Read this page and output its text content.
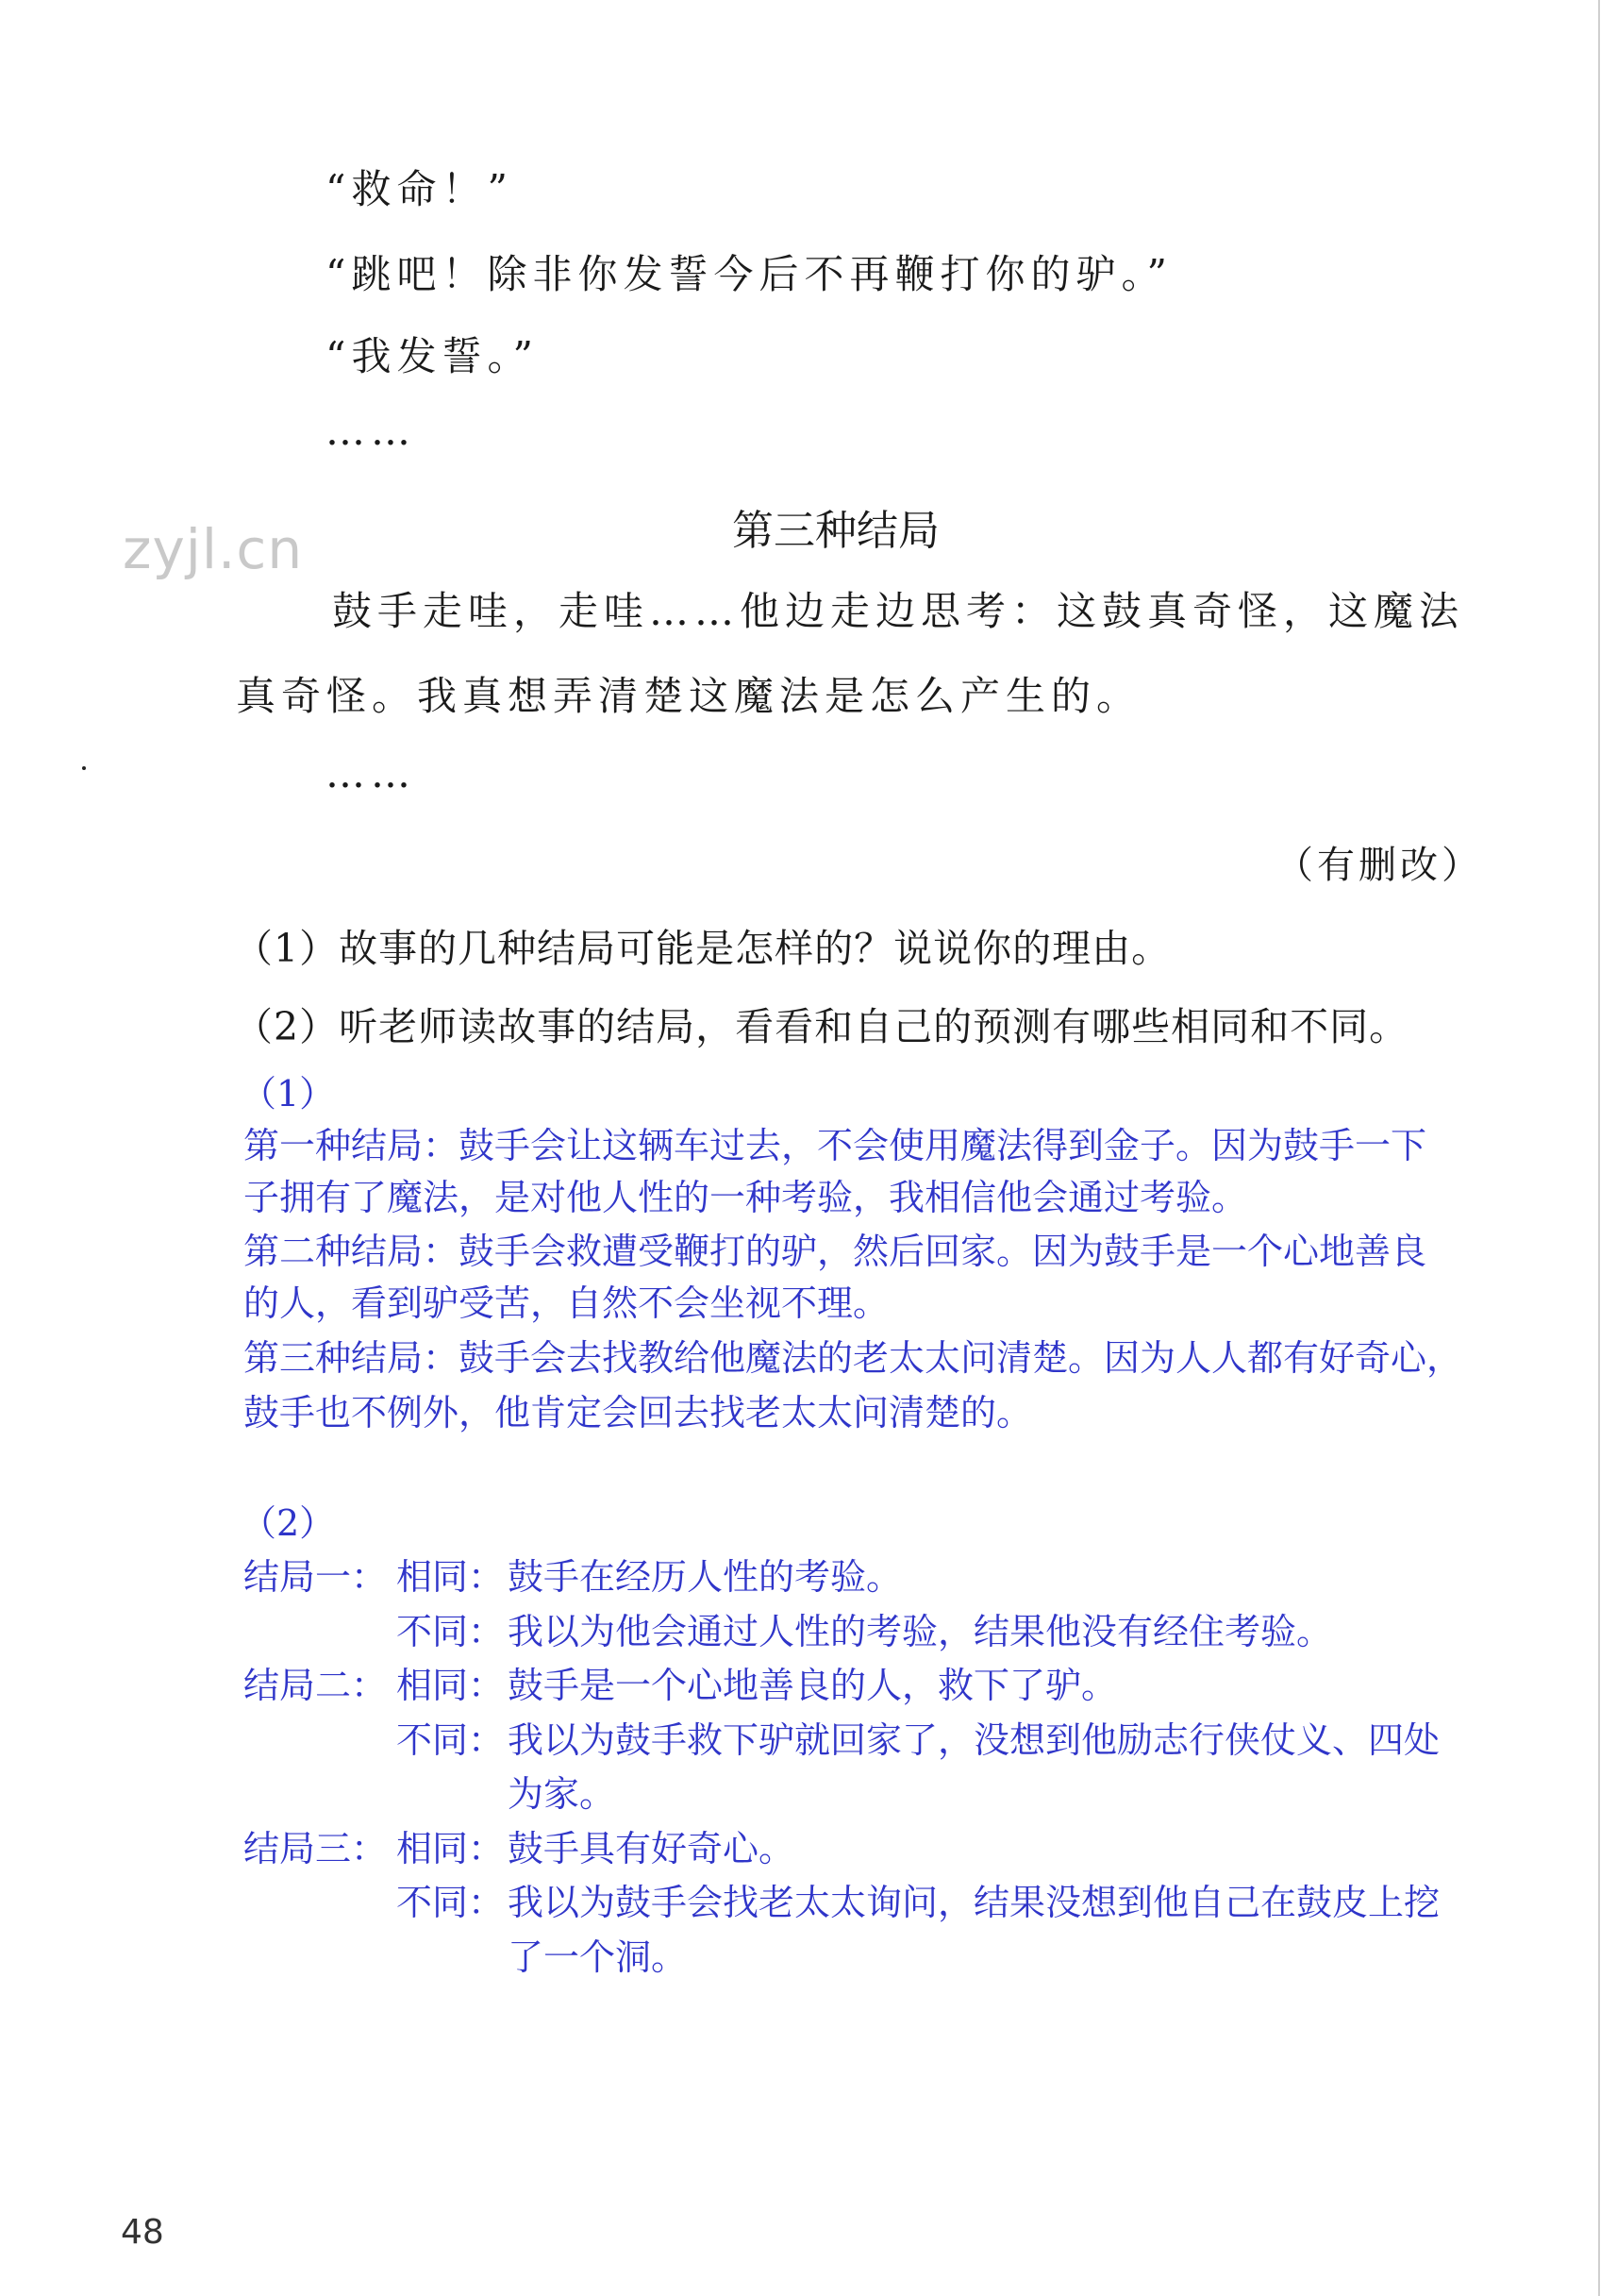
zyjl.cn
“救命！”
“跳吧！除非你发誓今后不再鞭打你的驴。”
“我发誓。”
……
第三种结局
鼓手走哇，走哇……他边走边思考：这鼓真奇怪，这魔法
真奇怪。我真想弄清楚这魔法是怎么产生的。
……
（有删改）
（1）故事的几种结局可能是怎样的？说说你的理由。
（2）听老师读故事的结局，看看和自己的预测有哪些相同和不同。
（1）
第一种结局：鼓手会让这辆车过去，不会使用魔法得到金子。因为鼓手一下
子拥有了魔法，是对他人性的一种考验，我相信他会通过考验。
第二种结局：鼓手会救遭受鞭打的驴，然后回家。因为鼓手是一个心地善良
的人，看到驴受苦，自然不会坐视不理。
第三种结局：鼓手会去找教给他魔法的老太太问清楚。因为人人都有好奇心，
鼓手也不例外，他肯定会回去找老太太问清楚的。
（2）
结局一： 相同： 鼓手在经历人性的考验。
不同： 我以为他会通过人性的考验，结果他没有经住考验。
结局二： 相同： 鼓手是一个心地善良的人，救下了驴。
不同： 我以为鼓手救下驴就回家了，没想到他励志行侠仗义、四处
为家。
结局三： 相同： 鼓手具有好奇心。
不同： 我以为鼓手会找老太太询问，结果没想到他自己在鼓皮上挖
了一个洞。
48
